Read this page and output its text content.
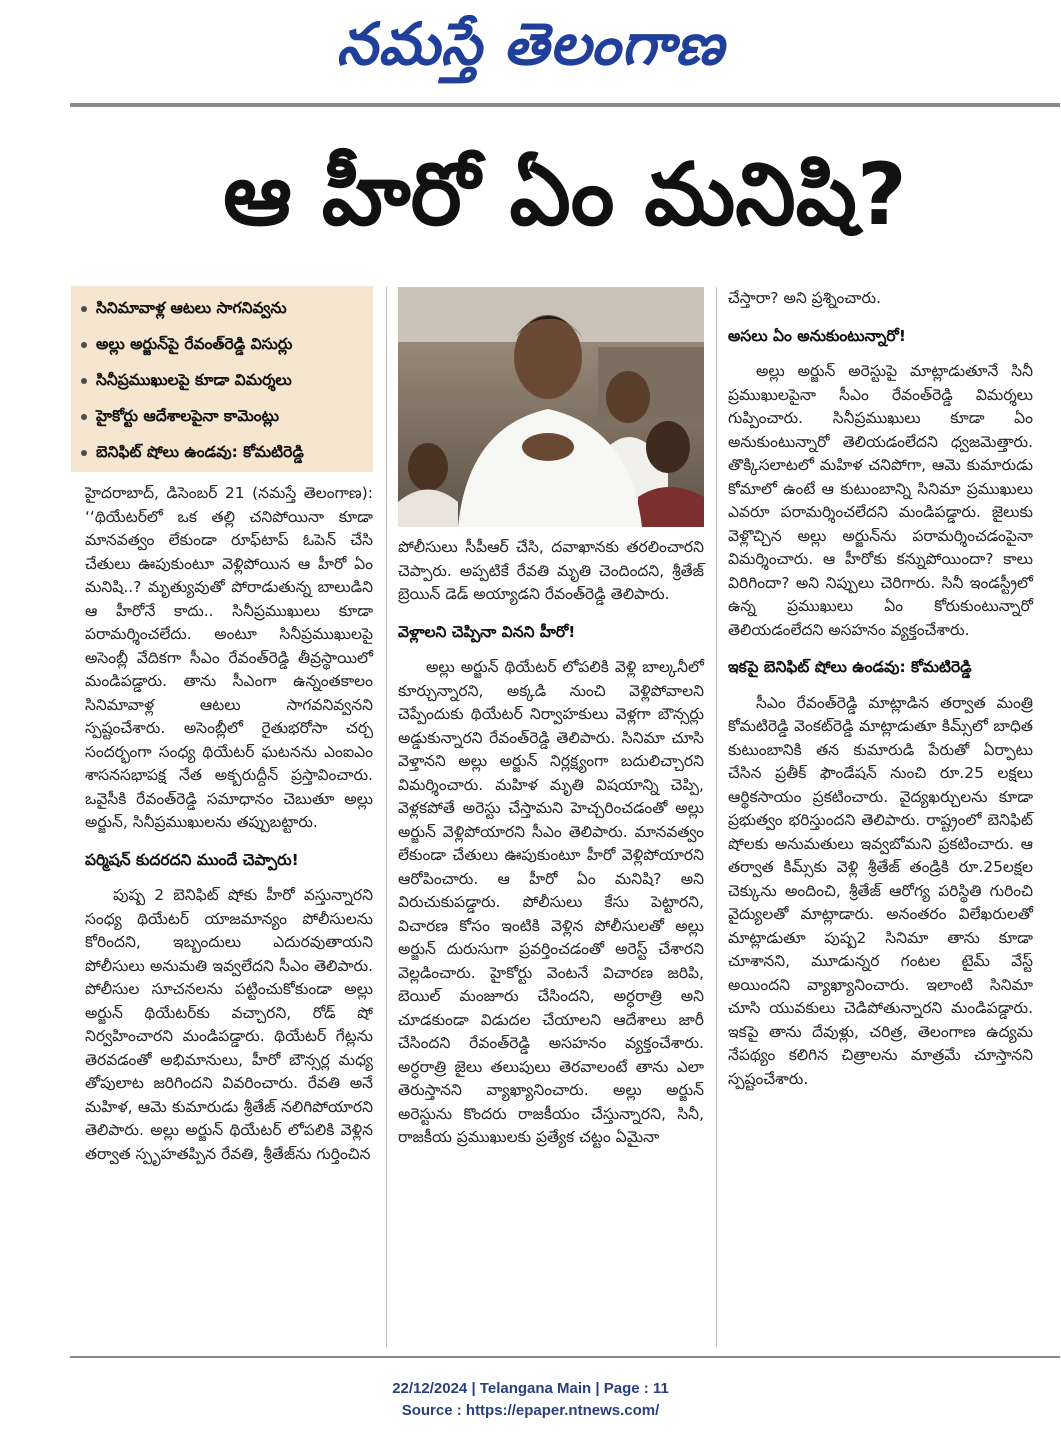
నమస్తే తెలంగాణ
ఆ హీరో ఏం మనిషి?
సినిమావాళ్ల ఆటలు సాగనివ్వను
అల్లు అర్జున్‌పై రేవంత్‌రెడ్డి విసుర్లు
సినీప్రముఖులపై కూడా విమర్శలు
హైకోర్టు ఆదేశాలపైనా కామెంట్లు
బెనిఫిట్ షోలు ఉండవు: కోమటిరెడ్డి

హైదరాబాద్, డిసెంబర్ 21 (నమస్తే తెలంగాణ): ‘‘థియేటర్‌లో ఒక తల్లి చనిపోయినా కూడా మానవత్వం లేకుండా రూఫ్‌టాప్ ఓపెన్ చేసి చేతులు ఊపుకుంటూ వెళ్లిపోయిన ఆ హీరో ఏం మనిషి..? మృత్యువుతో పోరాడుతున్న బాలుడిని ఆ హీరోనే కాదు.. సినీప్రముఖులు కూడా పరామర్శించలేదు. అంటూ సినీప్రముఖులపై అసెంబ్లీ వేదికగా సీఎం రేవంత్‌రెడ్డి తీవ్రస్థాయిలో మండిపడ్డారు. తాను సీఎంగా ఉన్నంతకాలం సినిమావాళ్ల ఆటలు సాగవనివ్వనని స్పష్టంచేశారు. అసెంబ్లీలో రైతుభరోసా చర్చ సందర్భంగా సంధ్య థియేటర్ ఘటనను ఎంఐఎం శాసనసభాపక్ష నేత అక్బరుద్దీన్ ప్రస్తావించారు. ఒవైసీకి రేవంత్‌రెడ్డి సమాధానం చెబుతూ అల్లు అర్జున్, సినీప్రముఖులను తప్పుబట్టారు.

పర్మిషన్ కుదరదని ముందే చెప్పారు!

పుష్ప 2 బెనిఫిట్ షోకు హీరో వస్తున్నారని సంధ్య థియేటర్ యాజమాన్యం పోలీసులను కోరిందని, ఇబ్బందులు ఎదురవుతాయని పోలీసులు అనుమతి ఇవ్వలేదని సీఎం తెలిపారు. పోలీసుల సూచనలను పట్టించుకోకుండా అల్లు అర్జున్ థియేటర్‌కు వచ్చారని, రోడ్ షో నిర్వహించారని మండిపడ్డారు. థియేటర్ గేట్లను తెరవడంతో అభిమానులు, హీరో బౌన్సర్ల మధ్య తోపులాట జరిగిందని వివరించారు. రేవతి అనే మహిళ, ఆమె కుమారుడు శ్రీతేజ్ నలిగిపోయారని తెలిపారు. అల్లు అర్జున్ థియేటర్ లోపలికి వెళ్లిన తర్వాత స్పృహతప్పిన రేవతి, శ్రీతేజ్‌ను గుర్తించిన

పోలీసులు సీపీఆర్ చేసి, దవాఖానకు తరలించారని చెప్పారు. అప్పటికే రేవతి మృతి చెందిందని, శ్రీతేజ్ బ్రెయిన్ డెడ్ అయ్యాడని రేవంత్‌రెడ్డి తెలిపారు.

వెళ్లాలని చెప్పినా వినని హీరో!

అల్లు అర్జున్ థియేటర్ లోపలికి వెళ్లి బాల్కనీలో కూర్చున్నారని, అక్కడి నుంచి వెళ్లిపోవాలని చెప్పేందుకు థియేటర్ నిర్వాహకులు వెళ్లగా బౌన్సర్లు అడ్డుకున్నారని రేవంత్‌రెడ్డి తెలిపారు. సినిమా చూసి వెళ్తానని అల్లు అర్జున్ నిర్లక్ష్యంగా బదులిచ్చారని విమర్శించారు. మహిళ మృతి విషయాన్ని చెప్పి, వెళ్లకపోతే అరెస్టు చేస్తామని హెచ్చరించడంతో అల్లు అర్జున్ వెళ్లిపోయారని సీఎం తెలిపారు. మానవత్వం లేకుండా చేతులు ఊపుకుంటూ హీరో వెళ్లిపోయారని ఆరోపించారు. ఆ హీరో ఏం మనిషి? అని విరుచుకుపడ్డారు. పోలీసులు కేసు పెట్టారని, విచారణ కోసం ఇంటికి వెళ్లిన పోలీసులతో అల్లు అర్జున్ దురుసుగా ప్రవర్తించడంతో అరెస్ట్ చేశారని వెల్లడించారు. హైకోర్టు వెంటనే విచారణ జరిపి, బెయిల్ మంజూరు చేసిందని, అర్ధరాత్రి అని చూడకుండా విడుదల చేయాలని ఆదేశాలు జారీ చేసిందని రేవంత్‌రెడ్డి అసహనం వ్యక్తంచేశారు. అర్ధరాత్రి జైలు తలుపులు తెరవాలంటే తాను ఎలా తెరుస్తానని వ్యాఖ్యానించారు. అల్లు అర్జున్ అరెస్టును కొందరు రాజకీయం చేస్తున్నారని, సినీ, రాజకీయ ప్రముఖులకు ప్రత్యేక చట్టం ఏమైనా

చేస్తారా? అని ప్రశ్నించారు.

అసలు ఏం అనుకుంటున్నారో!

అల్లు అర్జున్ అరెస్టుపై మాట్లాడుతూనే సినీ ప్రముఖులపైనా సీఎం రేవంత్‌రెడ్డి విమర్శలు గుప్పించారు. సినీప్రముఖులు కూడా ఏం అనుకుంటున్నారో తెలియడంలేదని ధ్వజమెత్తారు. తొక్కిసలాటలో మహిళ చనిపోగా, ఆమె కుమారుడు కోమాలో ఉంటే ఆ కుటుంబాన్ని సినిమా ప్రముఖులు ఎవరూ పరామర్శించలేదని మండిపడ్డారు. జైలుకు వెళ్లొచ్చిన అల్లు అర్జున్‌ను పరామర్శించడంపైనా విమర్శించారు. ఆ హీరోకు కన్నుపోయిందా? కాలు విరిగిందా? అని నిప్పులు చెరిగారు. సినీ ఇండస్ట్రీలో ఉన్న ప్రముఖులు ఏం కోరుకుంటున్నారో తెలియడంలేదని అసహనం వ్యక్తంచేశారు.

ఇకపై బెనిఫిట్ షోలు ఉండవు: కోమటిరెడ్డి

సీఎం రేవంత్‌రెడ్డి మాట్లాడిన తర్వాత మంత్రి కోమటిరెడ్డి వెంకట్‌రెడ్డి మాట్లాడుతూ కిమ్స్‌లో బాధిత కుటుంబానికి తన కుమారుడి పేరుతో ఏర్పాటు చేసిన ప్రతీక్ ఫౌండేషన్ నుంచి రూ.25 లక్షలు ఆర్థికసాయం ప్రకటించారు. వైద్యఖర్చులను కూడా ప్రభుత్వం భరిస్తుందని తెలిపారు. రాష్ట్రంలో బెనిఫిట్ షోలకు అనుమతులు ఇవ్వబోమని ప్రకటించారు. ఆ తర్వాత కిమ్స్‌కు వెళ్లి శ్రీతేజ్ తండ్రికి రూ.25లక్షల చెక్కును అందించి, శ్రీతేజ్ ఆరోగ్య పరిస్థితి గురించి వైద్యులతో మాట్లాడారు. అనంతరం విలేఖరులతో మాట్లాడుతూ పుష్ప2 సినిమా తాను కూడా చూశానని, మూడున్నర గంటల టైమ్ వేస్ట్ అయిందని వ్యాఖ్యానించారు. ఇలాంటి సినిమా చూసి యువకులు చెడిపోతున్నారని మండిపడ్డారు. ఇకపై తాను దేవుళ్లు, చరిత్ర, తెలంగాణ ఉద్యమ నేపథ్యం కలిగిన చిత్రాలను మాత్రమే చూస్తానని స్పష్టంచేశారు.

22/12/2024 | Telangana Main | Page : 11
Source : https://epaper.ntnews.com/
